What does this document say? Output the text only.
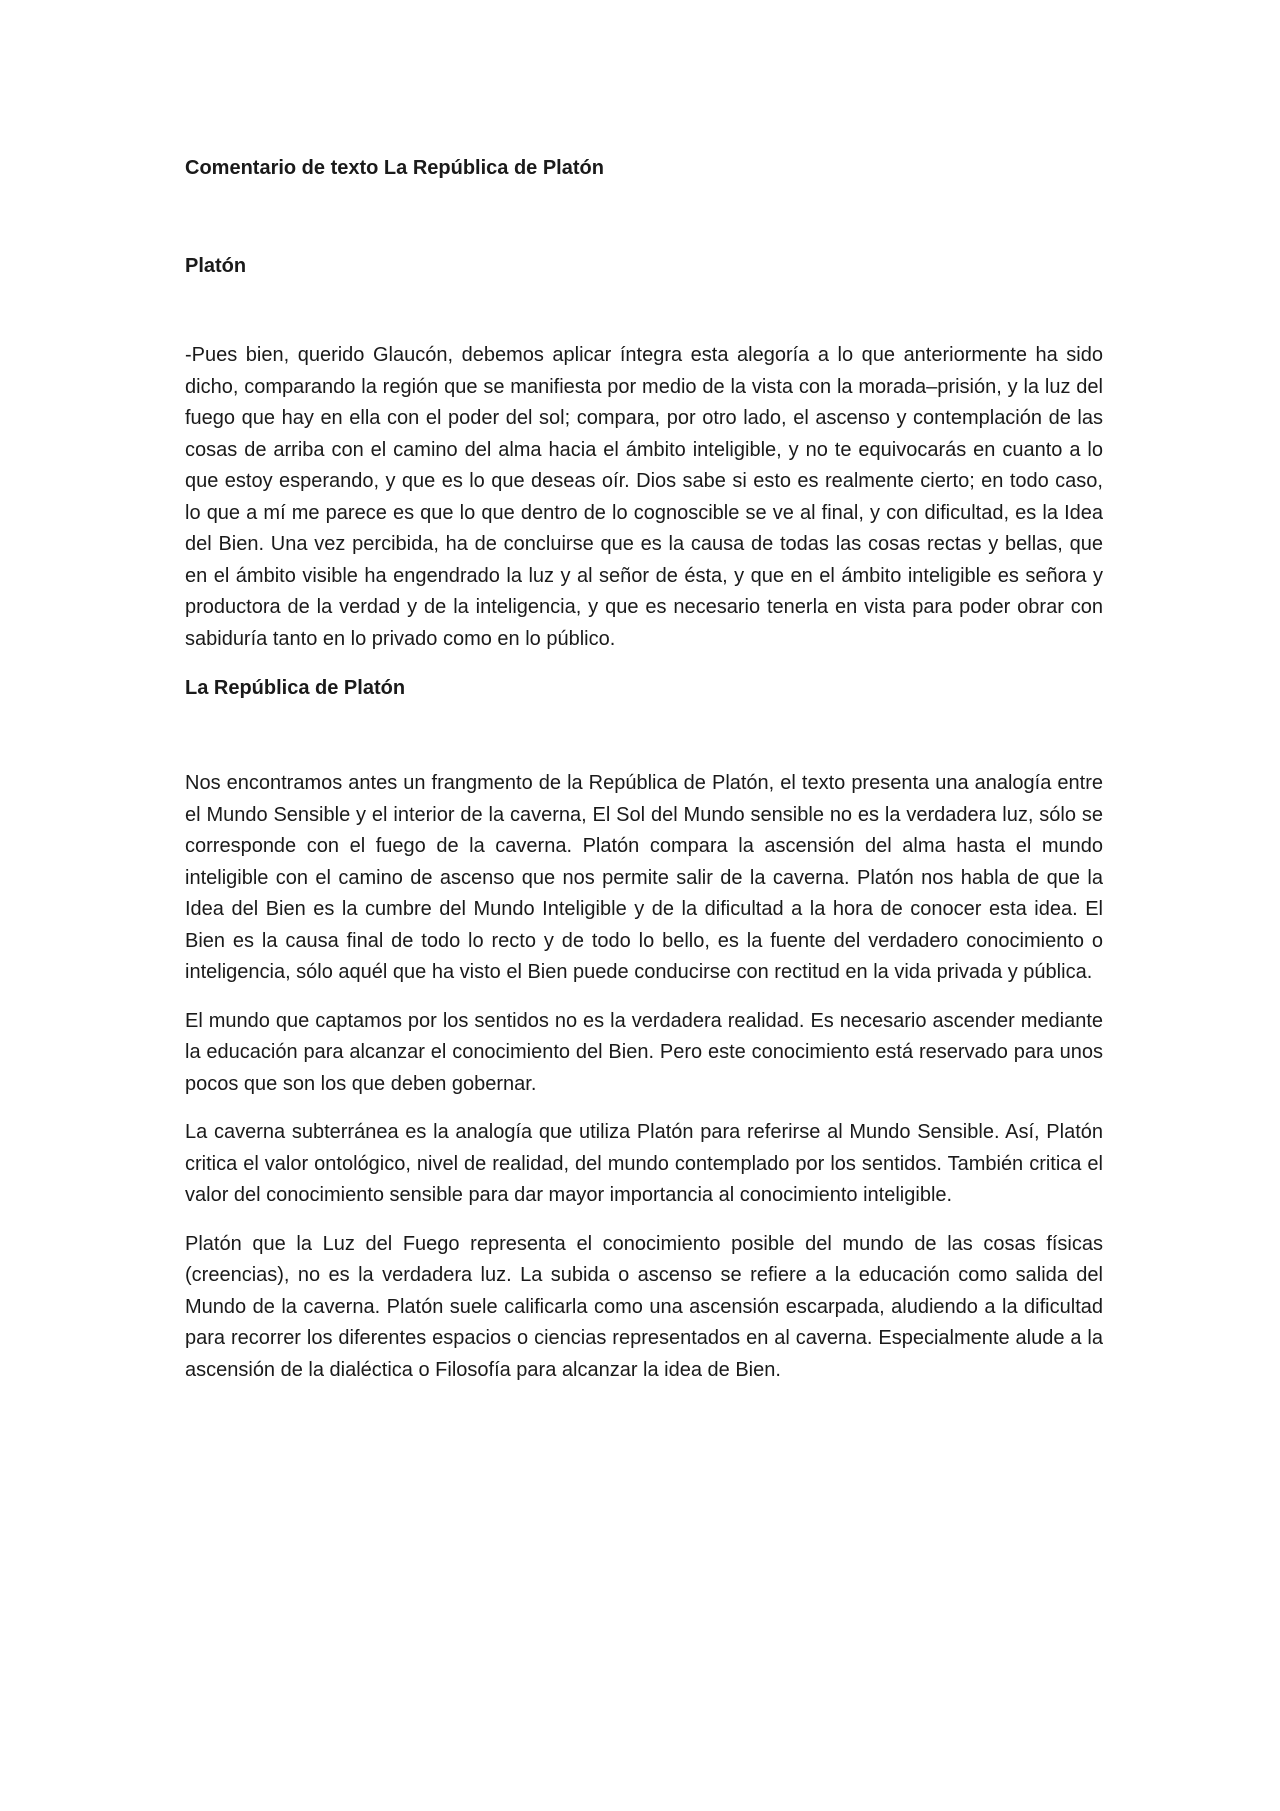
Comentario de texto La República de Platón

Platón

-Pues bien, querido Glaucón, debemos aplicar íntegra esta alegoría a lo que anteriormente ha sido dicho, comparando la región que se manifiesta por medio de la vista con la morada–prisión, y la luz del fuego que hay en ella con el poder del sol; compara, por otro lado, el ascenso y contemplación de las cosas de arriba con el camino del alma hacia el ámbito inteligible, y no te equivocarás en cuanto a lo que estoy esperando, y que es lo que deseas oír. Dios sabe si esto es realmente cierto; en todo caso, lo que a mí me parece es que lo que dentro de lo cognoscible se ve al final, y con dificultad, es la Idea del Bien. Una vez percibida, ha de concluirse que es la causa de todas las cosas rectas y bellas, que en el ámbito visible ha engendrado la luz y al señor de ésta, y que en el ámbito inteligible es señora y productora de la verdad y de la inteligencia, y que es necesario tenerla en vista para poder obrar con sabiduría tanto en lo privado como en lo público.

La República de Platón

Nos encontramos antes un frangmento de la República de Platón, el texto presenta una analogía entre el Mundo Sensible y el interior de la caverna, El Sol del Mundo sensible no es la verdadera luz, sólo se corresponde con el fuego de la caverna. Platón compara la ascensión del alma hasta el mundo inteligible con el camino de ascenso que nos permite salir de la caverna. Platón nos habla de que la Idea del Bien es la cumbre del Mundo Inteligible y de la dificultad a la hora de conocer esta idea. El Bien es la causa final de todo lo recto y de todo lo bello, es la fuente del verdadero conocimiento o inteligencia, sólo aquél que ha visto el Bien puede conducirse con rectitud en la vida privada y pública.

El mundo que captamos por los sentidos no es la verdadera realidad. Es necesario ascender mediante la educación para alcanzar el conocimiento del Bien. Pero este conocimiento está reservado para unos pocos que son los que deben gobernar.

La caverna subterránea es la analogía que utiliza Platón para referirse al Mundo Sensible. Así, Platón critica el valor ontológico, nivel de realidad, del mundo contemplado por los sentidos. También critica el valor del conocimiento sensible para dar mayor importancia al conocimiento inteligible.

Platón que la Luz del Fuego representa el conocimiento posible del mundo de las cosas físicas (creencias), no es la verdadera luz. La subida o ascenso se refiere a la educación como salida del Mundo de la caverna. Platón suele calificarla como una ascensión escarpada, aludiendo a la dificultad para recorrer los diferentes espacios o ciencias representados en al caverna. Especialmente alude a la ascensión de la dialéctica o Filosofía para alcanzar la idea de Bien.
